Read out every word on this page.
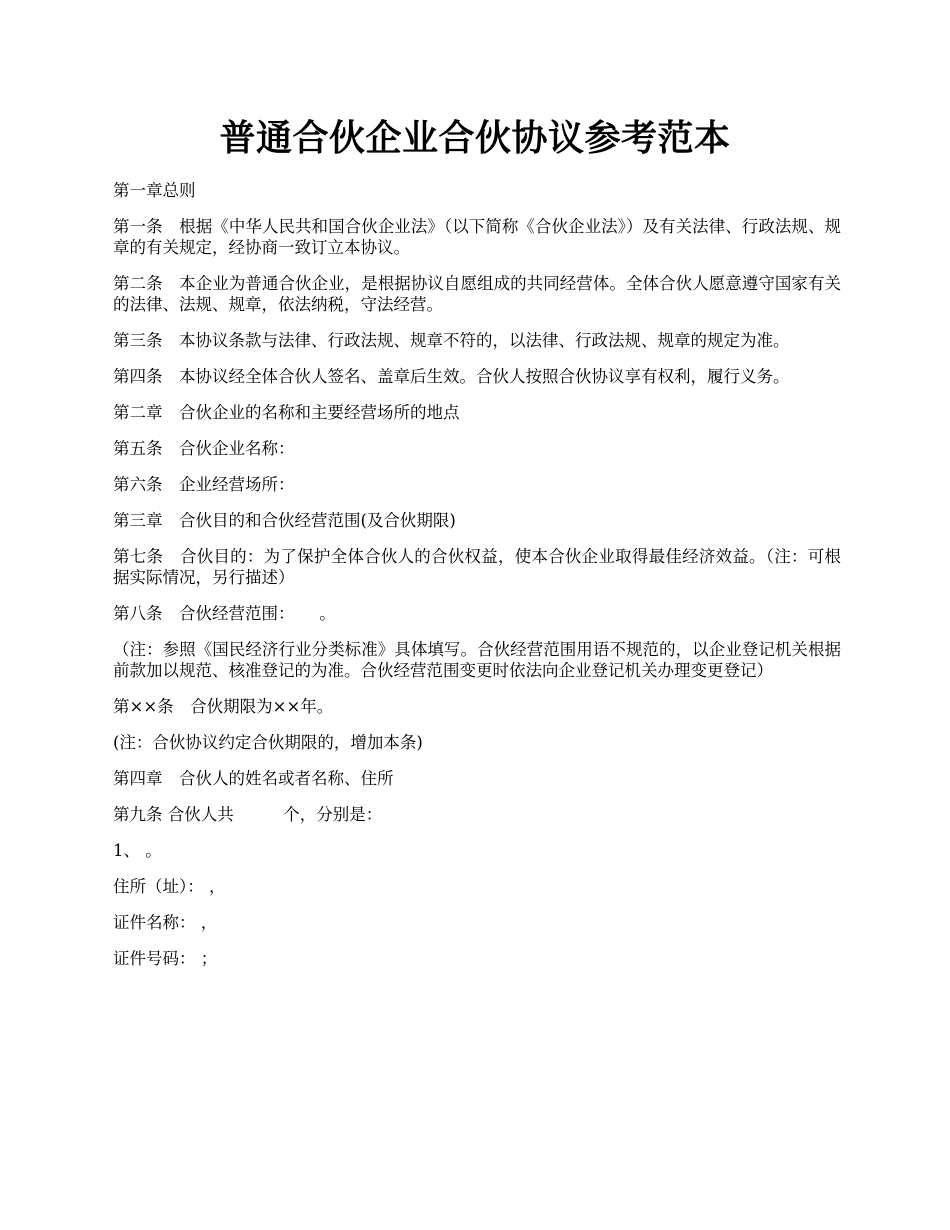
普通合伙企业合伙协议参考范本

第一章总则

第一条　根据《中华人民共和国合伙企业法》（以下简称《合伙企业法》）及有关法律、行政法规、规章的有关规定，经协商一致订立本协议。

第二条　本企业为普通合伙企业，是根据协议自愿组成的共同经营体。全体合伙人愿意遵守国家有关的法律、法规、规章，依法纳税，守法经营。

第三条　本协议条款与法律、行政法规、规章不符的，以法律、行政法规、规章的规定为准。

第四条　本协议经全体合伙人签名、盖章后生效。合伙人按照合伙协议享有权利，履行义务。

第二章　合伙企业的名称和主要经营场所的地点

第五条　合伙企业名称：

第六条　企业经营场所：

第三章　合伙目的和合伙经营范围(及合伙期限)

第七条　合伙目的：为了保护全体合伙人的合伙权益，使本合伙企业取得最佳经济效益。（注：可根据实际情况，另行描述）

第八条　合伙经营范围：　　。

（注：参照《国民经济行业分类标准》具体填写。合伙经营范围用语不规范的，以企业登记机关根据前款加以规范、核准登记的为准。合伙经营范围变更时依法向企业登记机关办理变更登记）

第××条　合伙期限为××年。

(注：合伙协议约定合伙期限的，增加本条)

第四章　合伙人的姓名或者名称、住所

第九条 合伙人共　　　个，分别是：

1、 。

住所（址）： ，

证件名称： ，

证件号码： ；
